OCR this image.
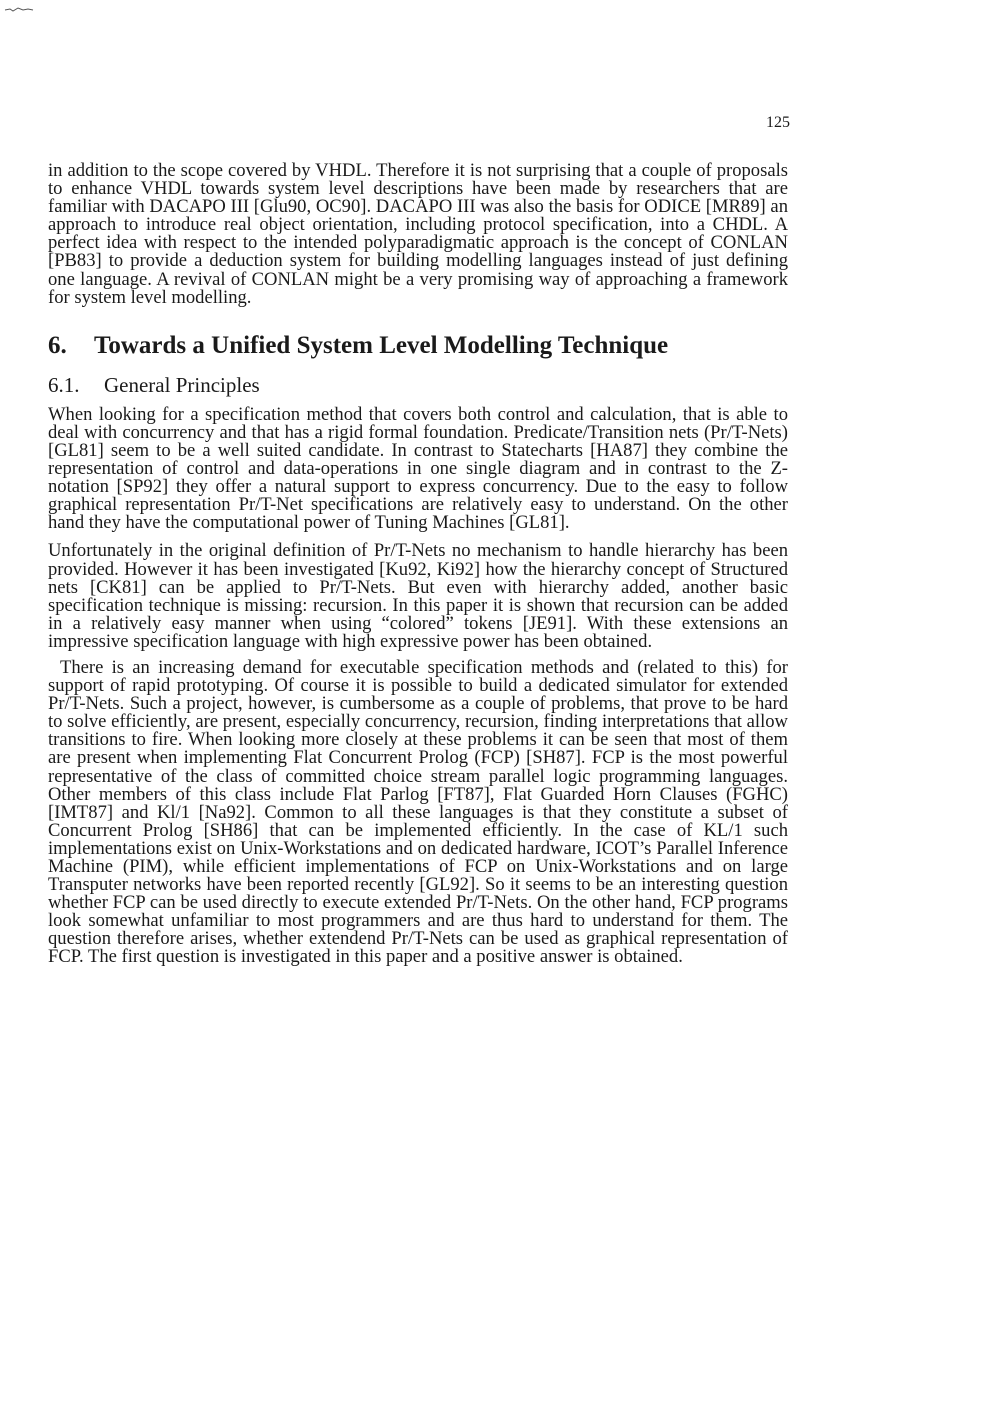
125

in addition to the scope covered by VHDL. Therefore it is not surprising that a couple of proposals to enhance VHDL towards system level descriptions have been made by researchers that are familiar with DACAPO III [Glu90, OC90]. DACAPO III was also the basis for ODICE [MR89] an approach to introduce real object orientation, including protocol specification, into a CHDL. A perfect idea with respect to the intended polyparadigmatic approach is the concept of CONLAN [PB83] to provide a deduction system for building modelling languages instead of just defining one language. A revival of CONLAN might be a very promising way of approaching a framework for system level modelling.

6. Towards a Unified System Level Modelling Technique
6.1. General Principles

When looking for a specification method that covers both control and calculation, that is able to deal with concurrency and that has a rigid formal foundation. Predicate/Transition nets (Pr/T-Nets) [GL81] seem to be a well suited candidate. In contrast to Statecharts [HA87] they combine the representation of control and data-operations in one single diagram and in contrast to the Z-notation [SP92] they offer a natural support to express concurrency. Due to the easy to follow graphical representation Pr/T-Net specifications are relatively easy to understand. On the other hand they have the computational power of Tuning Machines [GL81].

Unfortunately in the original definition of Pr/T-Nets no mechanism to handle hierarchy has been provided. However it has been investigated [Ku92, Ki92] how the hierarchy concept of Structured nets [CK81] can be applied to Pr/T-Nets. But even with hierarchy added, another basic specification technique is missing: recursion. In this paper it is shown that recursion can be added in a relatively easy manner when using “colored” tokens [JE91]. With these extensions an impressive specification language with high expressive power has been obtained.

There is an increasing demand for executable specification methods and (related to this) for support of rapid prototyping. Of course it is possible to build a dedicated simulator for extended Pr/T-Nets. Such a project, however, is cumbersome as a couple of problems, that prove to be hard to solve efficiently, are present, especially concurrency, recursion, finding interpretations that allow transitions to fire. When looking more closely at these problems it can be seen that most of them are present when implementing Flat Concurrent Prolog (FCP) [SH87]. FCP is the most powerful representative of the class of committed choice stream parallel logic programming languages. Other members of this class include Flat Parlog [FT87], Flat Guarded Horn Clauses (FGHC) [IMT87] and Kl/1 [Na92]. Common to all these languages is that they constitute a subset of Concurrent Prolog [SH86] that can be implemented efficiently. In the case of KL/1 such implementations exist on Unix-Workstations and on dedicated hardware, ICOT’s Parallel Inference Machine (PIM), while efficient implementations of FCP on Unix-Workstations and on large Transputer networks have been reported recently [GL92]. So it seems to be an interesting question whether FCP can be used directly to execute extended Pr/T-Nets. On the other hand, FCP programs look somewhat unfamiliar to most programmers and are thus hard to understand for them. The question therefore arises, whether extendend Pr/T-Nets can be used as graphical representation of FCP. The first question is investigated in this paper and a positive answer is obtained.
